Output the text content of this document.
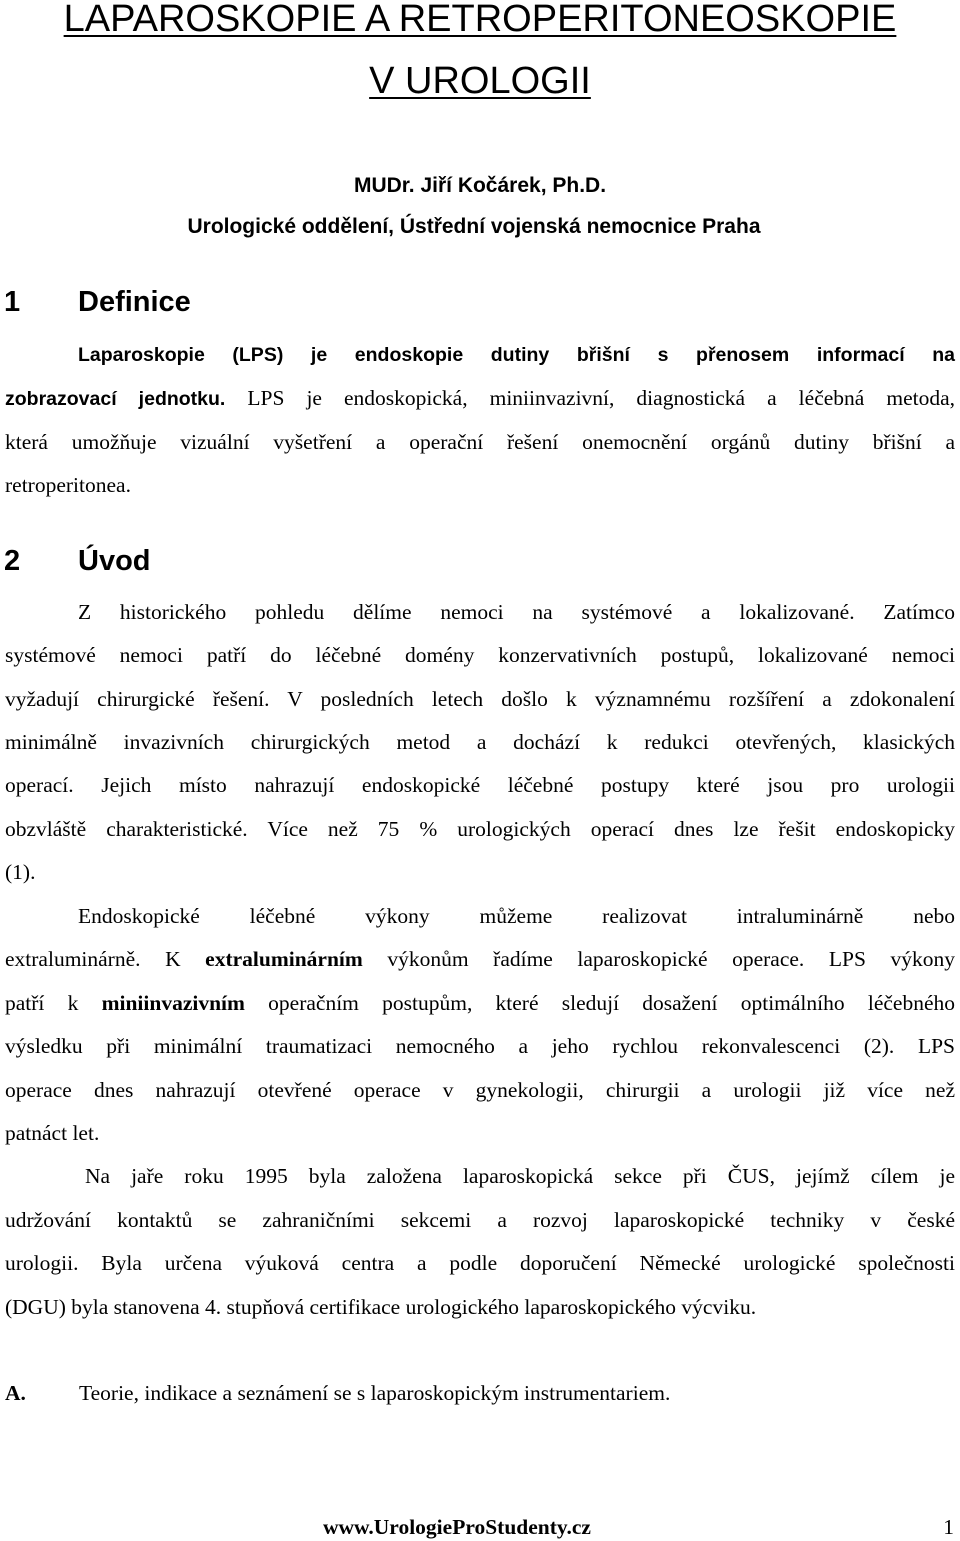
LAPAROSKOPIE A RETROPERITONEOSKOPIE
V UROLOGII
MUDr. Jiří Kočárek, Ph.D.
Urologické oddělení, Ústřední vojenská nemocnice Praha
1 Definice
Laparoskopie (LPS) je endoskopie dutiny břišní s přenosem informací na
zobrazovací jednotku. LPS je endoskopická, miniinvazivní, diagnostická a léčebná metoda,
která umožňuje vizuální vyšetření a operační řešení onemocnění orgánů dutiny břišní a
retroperitonea.
2 Úvod
Z historického pohledu dělíme nemoci na systémové a lokalizované. Zatímco
systémové nemoci patří do léčebné domény konzervativních postupů, lokalizované nemoci
vyžadují chirurgické řešení. V posledních letech došlo k významnému rozšíření a zdokonalení
minimálně invazivních chirurgických metod a dochází k redukci otevřených, klasických
operací. Jejich místo nahrazují endoskopické léčebné postupy které jsou pro urologii
obzvláště charakteristické. Více než 75 % urologických operací dnes lze řešit endoskopicky
(1).
Endoskopické léčebné výkony můžeme realizovat intraluminárně nebo
extraluminárně. K extraluminárním výkonům řadíme laparoskopické operace. LPS výkony
patří k miniinvazivním operačním postupům, které sledují dosažení optimálního léčebného
výsledku při minimální traumatizaci nemocného a jeho rychlou rekonvalescenci (2). LPS
operace dnes nahrazují otevřené operace v gynekologii, chirurgii a urologii již více než
patnáct let.
Na jaře roku 1995 byla založena laparoskopická sekce při ČUS, jejímž cílem je
udržování kontaktů se zahraničními sekcemi a rozvoj laparoskopické techniky v české
urologii. Byla určena výuková centra a podle doporučení Německé urologické společnosti
(DGU) byla stanovena 4. stupňová certifikace urologického laparoskopického výcviku.
A. Teorie, indikace a seznámení se s laparoskopickým instrumentariem.
www.UrologieProStudenty.cz	1
